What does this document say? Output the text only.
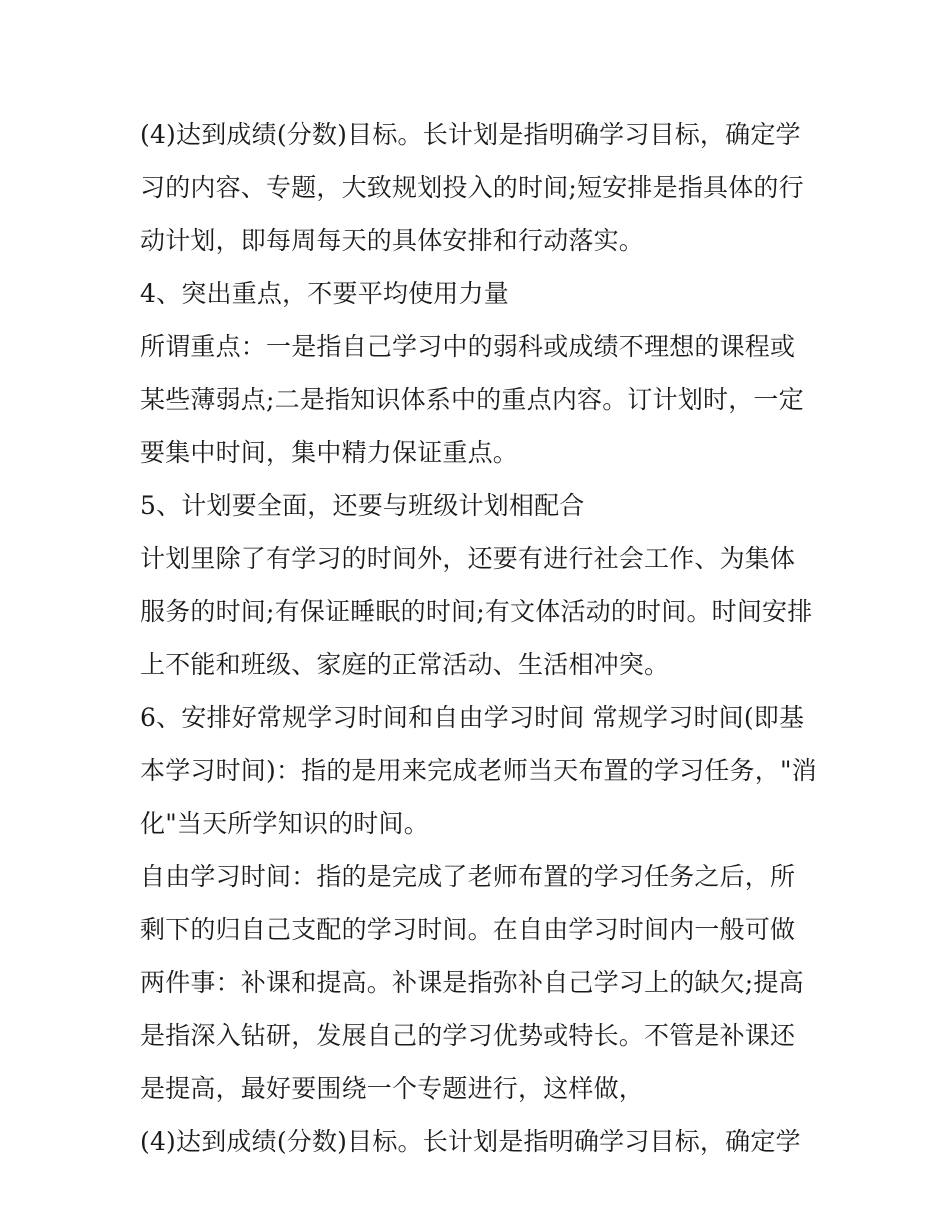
(4)达到成绩(分数)目标。长计划是指明确学习目标，确定学习的内容、专题，大致规划投入的时间;短安排是指具体的行动计划，即每周每天的具体安排和行动落实。

4、突出重点，不要平均使用力量

所谓重点：一是指自己学习中的弱科或成绩不理想的课程或某些薄弱点;二是指知识体系中的重点内容。订计划时，一定要集中时间，集中精力保证重点。

5、计划要全面，还要与班级计划相配合

计划里除了有学习的时间外，还要有进行社会工作、为集体服务的时间;有保证睡眠的时间;有文体活动的时间。时间安排上不能和班级、家庭的正常活动、生活相冲突。

6、安排好常规学习时间和自由学习时间 常规学习时间(即基本学习时间)：指的是用来完成老师当天布置的学习任务，"消化"当天所学知识的时间。

自由学习时间：指的是完成了老师布置的学习任务之后，所剩下的归自己支配的学习时间。在自由学习时间内一般可做两件事：补课和提高。补课是指弥补自己学习上的缺欠;提高是指深入钻研，发展自己的学习优势或特长。不管是补课还是提高，最好要围绕一个专题进行，这样做，

(4)达到成绩(分数)目标。长计划是指明确学习目标，确定学
